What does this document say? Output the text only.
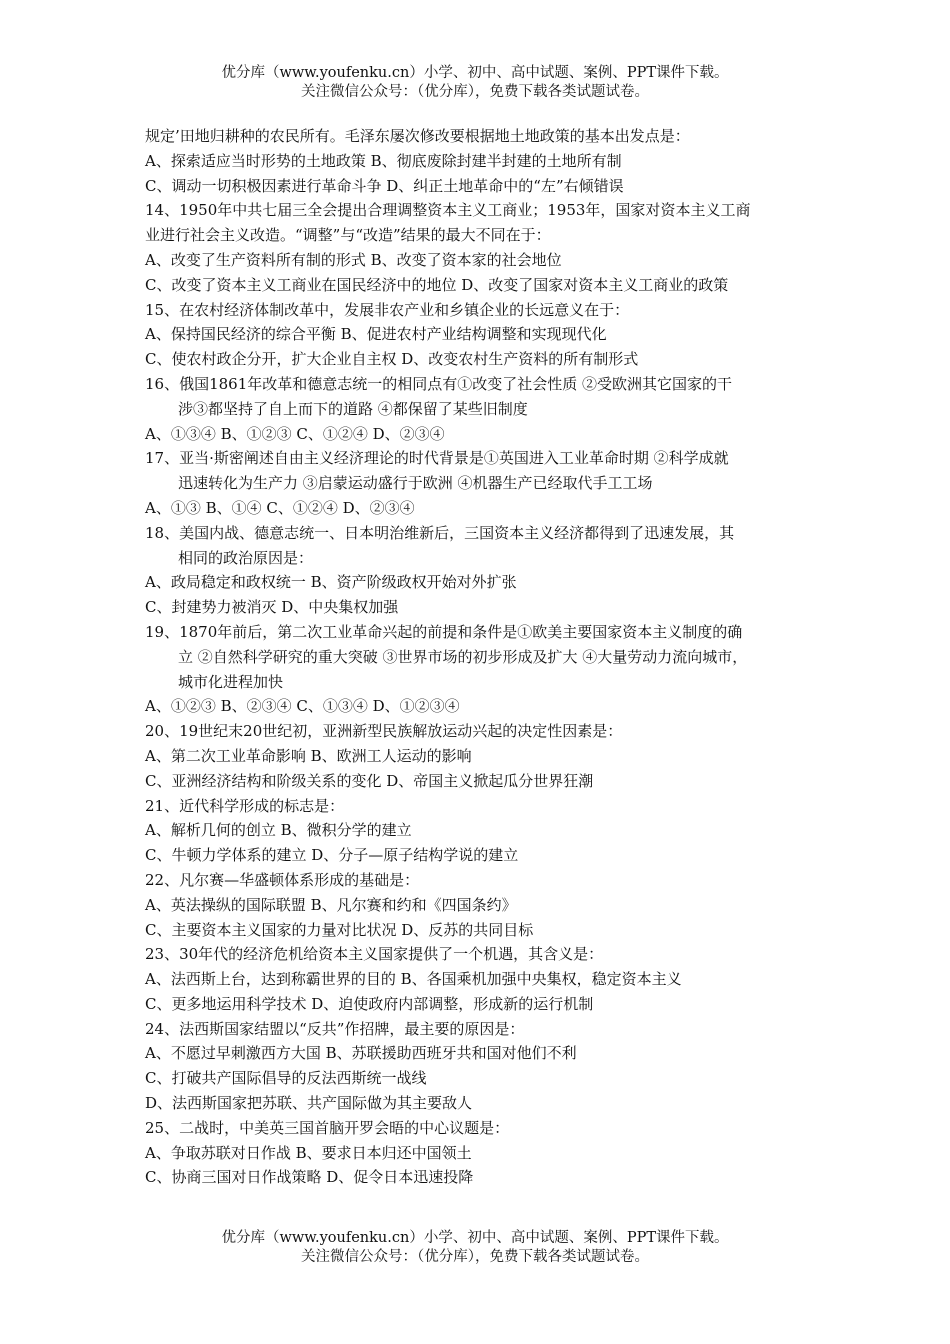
优分库（www.youfenku.cn）小学、初中、高中试题、案例、PPT课件下载。
关注微信公众号：（优分库），免费下载各类试题试卷。
规定’田地归耕种的农民所有。毛泽东屡次修改要根据地土地政策的基本出发点是：
A、探索适应当时形势的土地政策 B、彻底废除封建半封建的土地所有制
C、调动一切积极因素进行革命斗争 D、纠正土地革命中的“左”右倾错误
14、1950年中共七届三全会提出合理调整资本主义工商业；1953年，国家对资本主义工商
业进行社会主义改造。“调整”与“改造”结果的最大不同在于：
A、改变了生产资料所有制的形式 B、改变了资本家的社会地位
C、改变了资本主义工商业在国民经济中的地位 D、改变了国家对资本主义工商业的政策
15、在农村经济体制改革中，发展非农产业和乡镇企业的长远意义在于：
A、保持国民经济的综合平衡 B、促进农村产业结构调整和实现现代化
C、使农村政企分开，扩大企业自主权 D、改变农村生产资料的所有制形式
16、俄国1861年改革和德意志统一的相同点有①改变了社会性质 ②受欧洲其它国家的干
涉③都坚持了自上而下的道路 ④都保留了某些旧制度
A、①③④ B、①②③ C、①②④ D、②③④
17、亚当·斯密阐述自由主义经济理论的时代背景是①英国进入工业革命时期 ②科学成就
迅速转化为生产力 ③启蒙运动盛行于欧洲 ④机器生产已经取代手工工场
A、①③ B、①④ C、①②④ D、②③④
18、美国内战、德意志统一、日本明治维新后，三国资本主义经济都得到了迅速发展，其
相同的政治原因是：
A、政局稳定和政权统一 B、资产阶级政权开始对外扩张
C、封建势力被消灭 D、中央集权加强
19、1870年前后，第二次工业革命兴起的前提和条件是①欧美主要国家资本主义制度的确
立 ②自然科学研究的重大突破 ③世界市场的初步形成及扩大 ④大量劳动力流向城市，
城市化进程加快
A、①②③ B、②③④ C、①③④ D、①②③④
20、19世纪末20世纪初，亚洲新型民族解放运动兴起的决定性因素是：
A、第二次工业革命影响 B、欧洲工人运动的影响
C、亚洲经济结构和阶级关系的变化 D、帝国主义掀起瓜分世界狂潮
21、近代科学形成的标志是：
A、解析几何的创立 B、微积分学的建立
C、牛顿力学体系的建立 D、分子—原子结构学说的建立
22、凡尔赛—华盛顿体系形成的基础是：
A、英法操纵的国际联盟 B、凡尔赛和约和《四国条约》
C、主要资本主义国家的力量对比状况 D、反苏的共同目标
23、30年代的经济危机给资本主义国家提供了一个机遇，其含义是：
A、法西斯上台，达到称霸世界的目的 B、各国乘机加强中央集权，稳定资本主义
C、更多地运用科学技术 D、迫使政府内部调整，形成新的运行机制
24、法西斯国家结盟以“反共”作招牌，最主要的原因是：
A、不愿过早刺激西方大国 B、苏联援助西班牙共和国对他们不利
C、打破共产国际倡导的反法西斯统一战线
D、法西斯国家把苏联、共产国际做为其主要敌人
25、二战时，中美英三国首脑开罗会晤的中心议题是：
A、争取苏联对日作战 B、要求日本归还中国领土
C、协商三国对日作战策略 D、促令日本迅速投降
优分库（www.youfenku.cn）小学、初中、高中试题、案例、PPT课件下载。
关注微信公众号：（优分库），免费下载各类试题试卷。
